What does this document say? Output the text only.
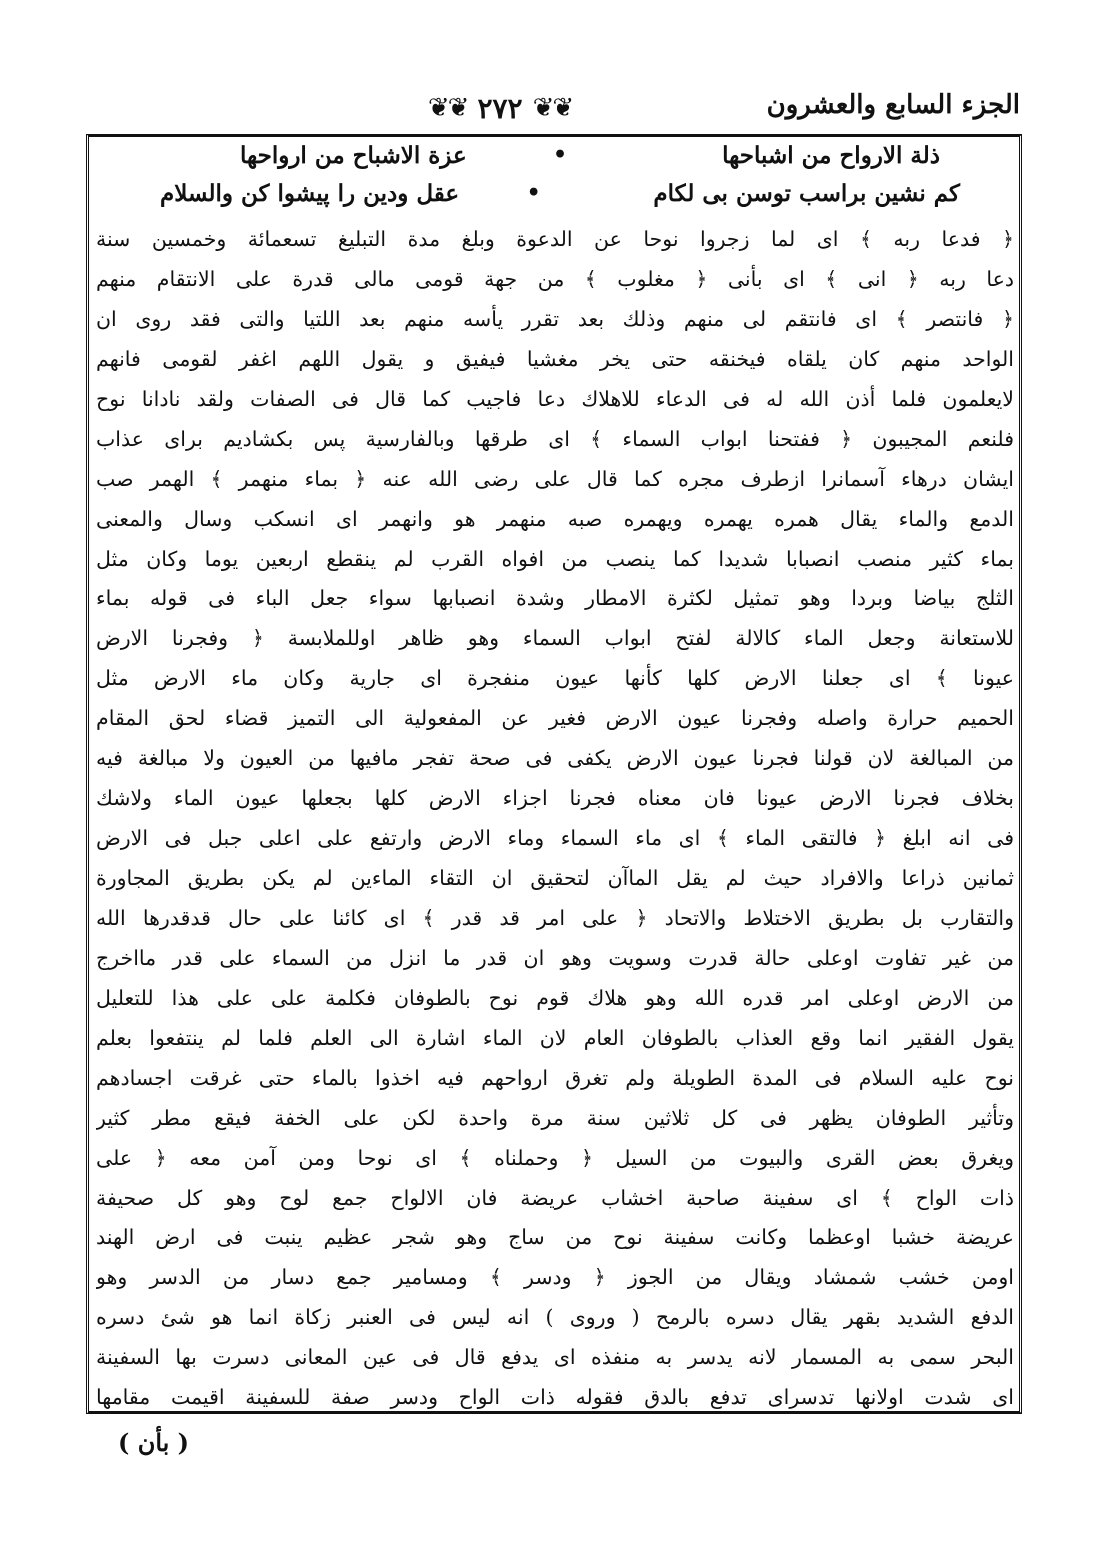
الجزء السابع والعشرون
❦❦ ٢٧٢ ❦❦
ذلة الارواح من اشباحها
•
عزة الاشباح من ارواحها
كم نشين براسب توسن بى لكام
•
عقل ودين را پيشوا كن والسلام
﴿ فدعا ربه ﴾ اى لما زجروا نوحا عن الدعوة وبلغ مدة التبليغ تسعمائة وخمسين سنة
دعا ربه ﴿ انى ﴾ اى بأنى ﴿ مغلوب ﴾ من جهة قومى مالى قدرة على الانتقام منهم
﴿ فانتصر ﴾ اى فانتقم لى منهم وذلك بعد تقرر يأسه منهم بعد اللتيا والتى فقد روى ان
الواحد منهم كان يلقاه فيخنقه حتى يخر مغشيا فيفيق و يقول اللهم اغفر لقومى فانهم
لايعلمون فلما أذن الله له فى الدعاء للاهلاك دعا فاجيب كما قال فى الصفات ولقد نادانا نوح
فلنعم المجيبون ﴿ ففتحنا ابواب السماء ﴾ اى طرقها وبالفارسية پس بكشاديم براى عذاب
ايشان درهاء آسمانرا ازطرف مجره كما قال على رضى الله عنه ﴿ بماء منهمر ﴾ الهمر صب
الدمع والماء يقال همره يهمره ويهمره صبه منهمر هو وانهمر اى انسكب وسال والمعنى
بماء كثير منصب انصبابا شديدا كما ينصب من افواه القرب لم ينقطع اربعين يوما وكان مثل
الثلج بياضا وبردا وهو تمثيل لكثرة الامطار وشدة انصبابها سواء جعل الباء فى قوله بماء
للاستعانة وجعل الماء كالالة لفتح ابواب السماء وهو ظاهر اوللملابسة ﴿ وفجرنا الارض
عيونا ﴾ اى جعلنا الارض كلها كأنها عيون منفجرة اى جارية وكان ماء الارض مثل
الحميم حرارة واصله وفجرنا عيون الارض فغير عن المفعولية الى التميز قضاء لحق المقام
من المبالغة لان قولنا فجرنا عيون الارض يكفى فى صحة تفجر مافيها من العيون ولا مبالغة فيه
بخلاف فجرنا الارض عيونا فان معناه فجرنا اجزاء الارض كلها بجعلها عيون الماء ولاشك
فى انه ابلغ ﴿ فالتقى الماء ﴾ اى ماء السماء وماء الارض وارتفع على اعلى جبل فى الارض
ثمانين ذراعا والافراد حيث لم يقل الماآن لتحقيق ان التقاء الماءين لم يكن بطريق المجاورة
والتقارب بل بطريق الاختلاط والاتحاد ﴿ على امر قد قدر ﴾ اى كائنا على حال قدقدرها الله
من غير تفاوت اوعلى حالة قدرت وسويت وهو ان قدر ما انزل من السماء على قدر مااخرج
من الارض اوعلى امر قدره الله وهو هلاك قوم نوح بالطوفان فكلمة على على هذا للتعليل
يقول الفقير انما وقع العذاب بالطوفان العام لان الماء اشارة الى العلم فلما لم ينتفعوا بعلم
نوح عليه السلام فى المدة الطويلة ولم تغرق ارواحهم فيه اخذوا بالماء حتى غرقت اجسادهم
وتأثير الطوفان يظهر فى كل ثلاثين سنة مرة واحدة لكن على الخفة فيقع مطر كثير
ويغرق بعض القرى والبيوت من السيل ﴿ وحملناه ﴾ اى نوحا ومن آمن معه ﴿ على
ذات الواح ﴾ اى سفينة صاحبة اخشاب عريضة فان الالواح جمع لوح وهو كل صحيفة
عريضة خشبا اوعظما وكانت سفينة نوح من ساج وهو شجر عظيم ينبت فى ارض الهند
اومن خشب شمشاد ويقال من الجوز ﴿ ودسر ﴾ ومسامير جمع دسار من الدسر وهو
الدفع الشديد بقهر يقال دسره بالرمح ( وروى ) انه ليس فى العنبر زكاة انما هو شئ دسره
البحر سمى به المسمار لانه يدسر به منفذه اى يدفع قال فى عين المعانى دسرت بها السفينة
اى شدت اولانها تدسراى تدفع بالدق فقوله ذات الواح ودسر صفة للسفينة اقيمت مقامها
( بأن )
